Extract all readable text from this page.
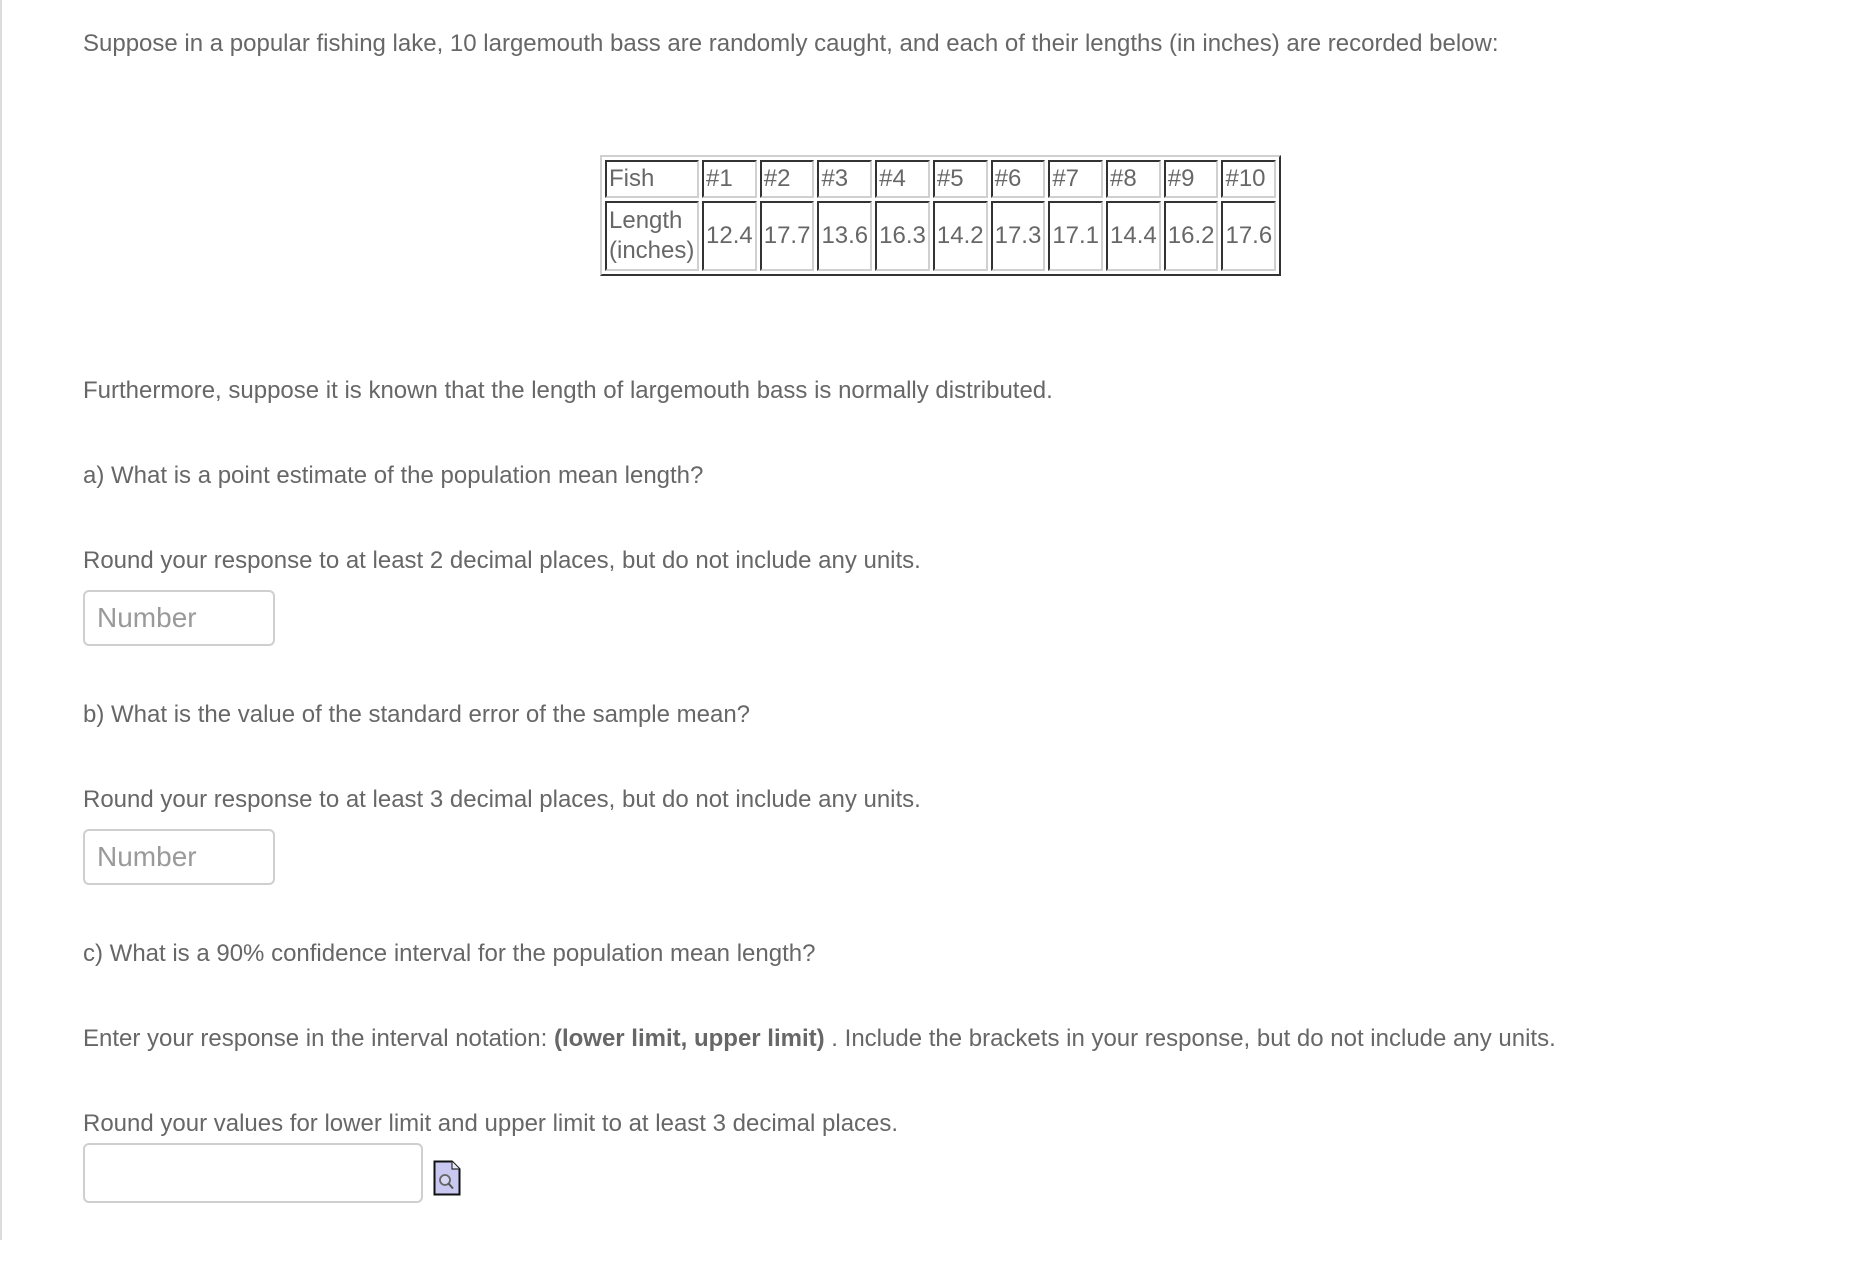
Suppose in a popular fishing lake, 10 largemouth bass are randomly caught, and each of their lengths (in inches) are recorded below:
Fish	#1	#2	#3	#4	#5	#6	#7	#8	#9	#10

Length
(inches)	12.4	17.7	13.6	16.3	14.2	17.3	17.1	14.4	16.2	17.6
Furthermore, suppose it is known that the length of largemouth bass is normally distributed.
a) What is a point estimate of the population mean length?
Round your response to at least 2 decimal places, but do not include any units.
Number
b) What is the value of the standard error of the sample mean?
Round your response to at least 3 decimal places, but do not include any units.
Number
c) What is a 90% confidence interval for the population mean length?
Enter your response in the interval notation: (lower limit, upper limit) . Include the brackets in your response, but do not include any units.
Round your values for lower limit and upper limit to at least 3 decimal places.
